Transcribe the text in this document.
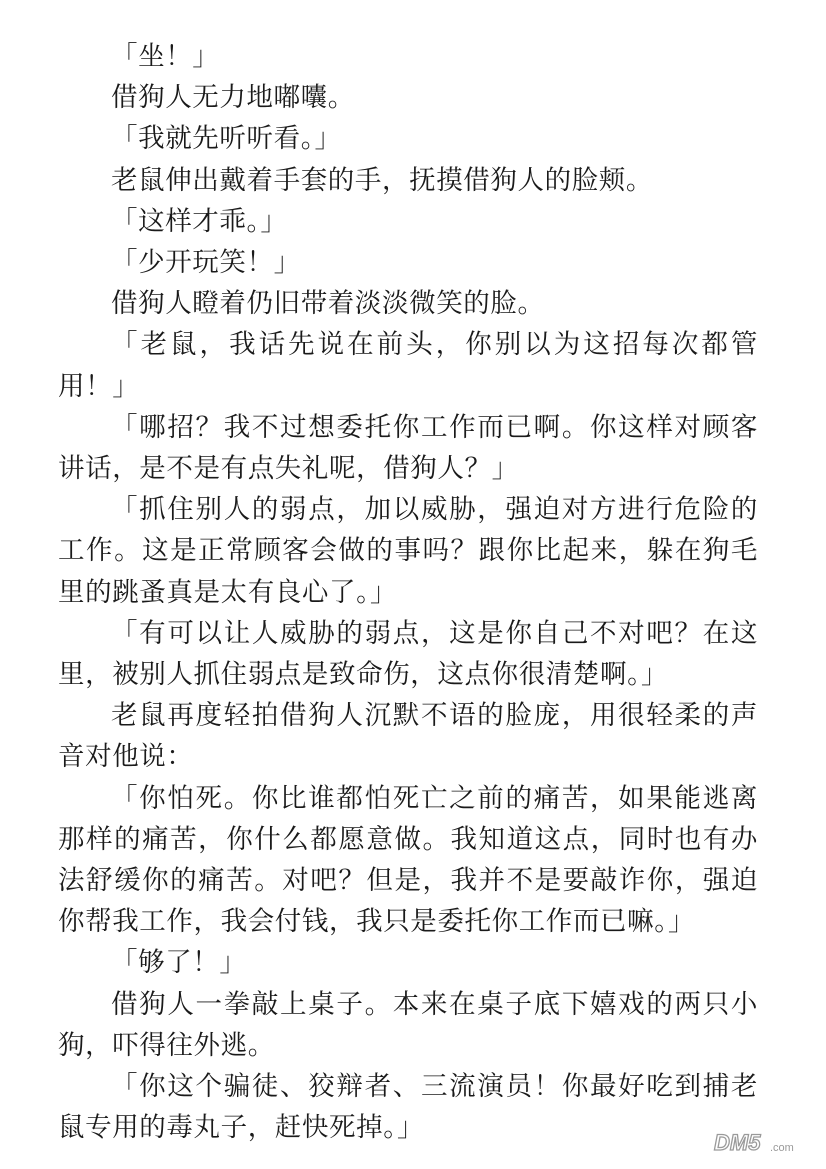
「坐！」

借狗人无力地嘟囔。

「我就先听听看。」

老鼠伸出戴着手套的手，抚摸借狗人的脸颊。

「这样才乖。」

「少开玩笑！」

借狗人瞪着仍旧带着淡淡微笑的脸。

「老鼠，我话先说在前头，你别以为这招每次都管用！」

「哪招？我不过想委托你工作而已啊。你这样对顾客讲话，是不是有点失礼呢，借狗人？」

「抓住别人的弱点，加以威胁，强迫对方进行危险的工作。这是正常顾客会做的事吗？跟你比起来，躲在狗毛里的跳蚤真是太有良心了。」

「有可以让人威胁的弱点，这是你自己不对吧？在这里，被别人抓住弱点是致命伤，这点你很清楚啊。」

老鼠再度轻拍借狗人沉默不语的脸庞，用很轻柔的声音对他说：

「你怕死。你比谁都怕死亡之前的痛苦，如果能逃离那样的痛苦，你什么都愿意做。我知道这点，同时也有办法舒缓你的痛苦。对吧？但是，我并不是要敲诈你，强迫你帮我工作，我会付钱，我只是委托你工作而已嘛。」

「够了！」

借狗人一拳敲上桌子。本来在桌子底下嬉戏的两只小狗，吓得往外逃。

「你这个骗徒、狡辩者、三流演员！你最好吃到捕老鼠专用的毒丸子，赶快死掉。」	DM5 .com
